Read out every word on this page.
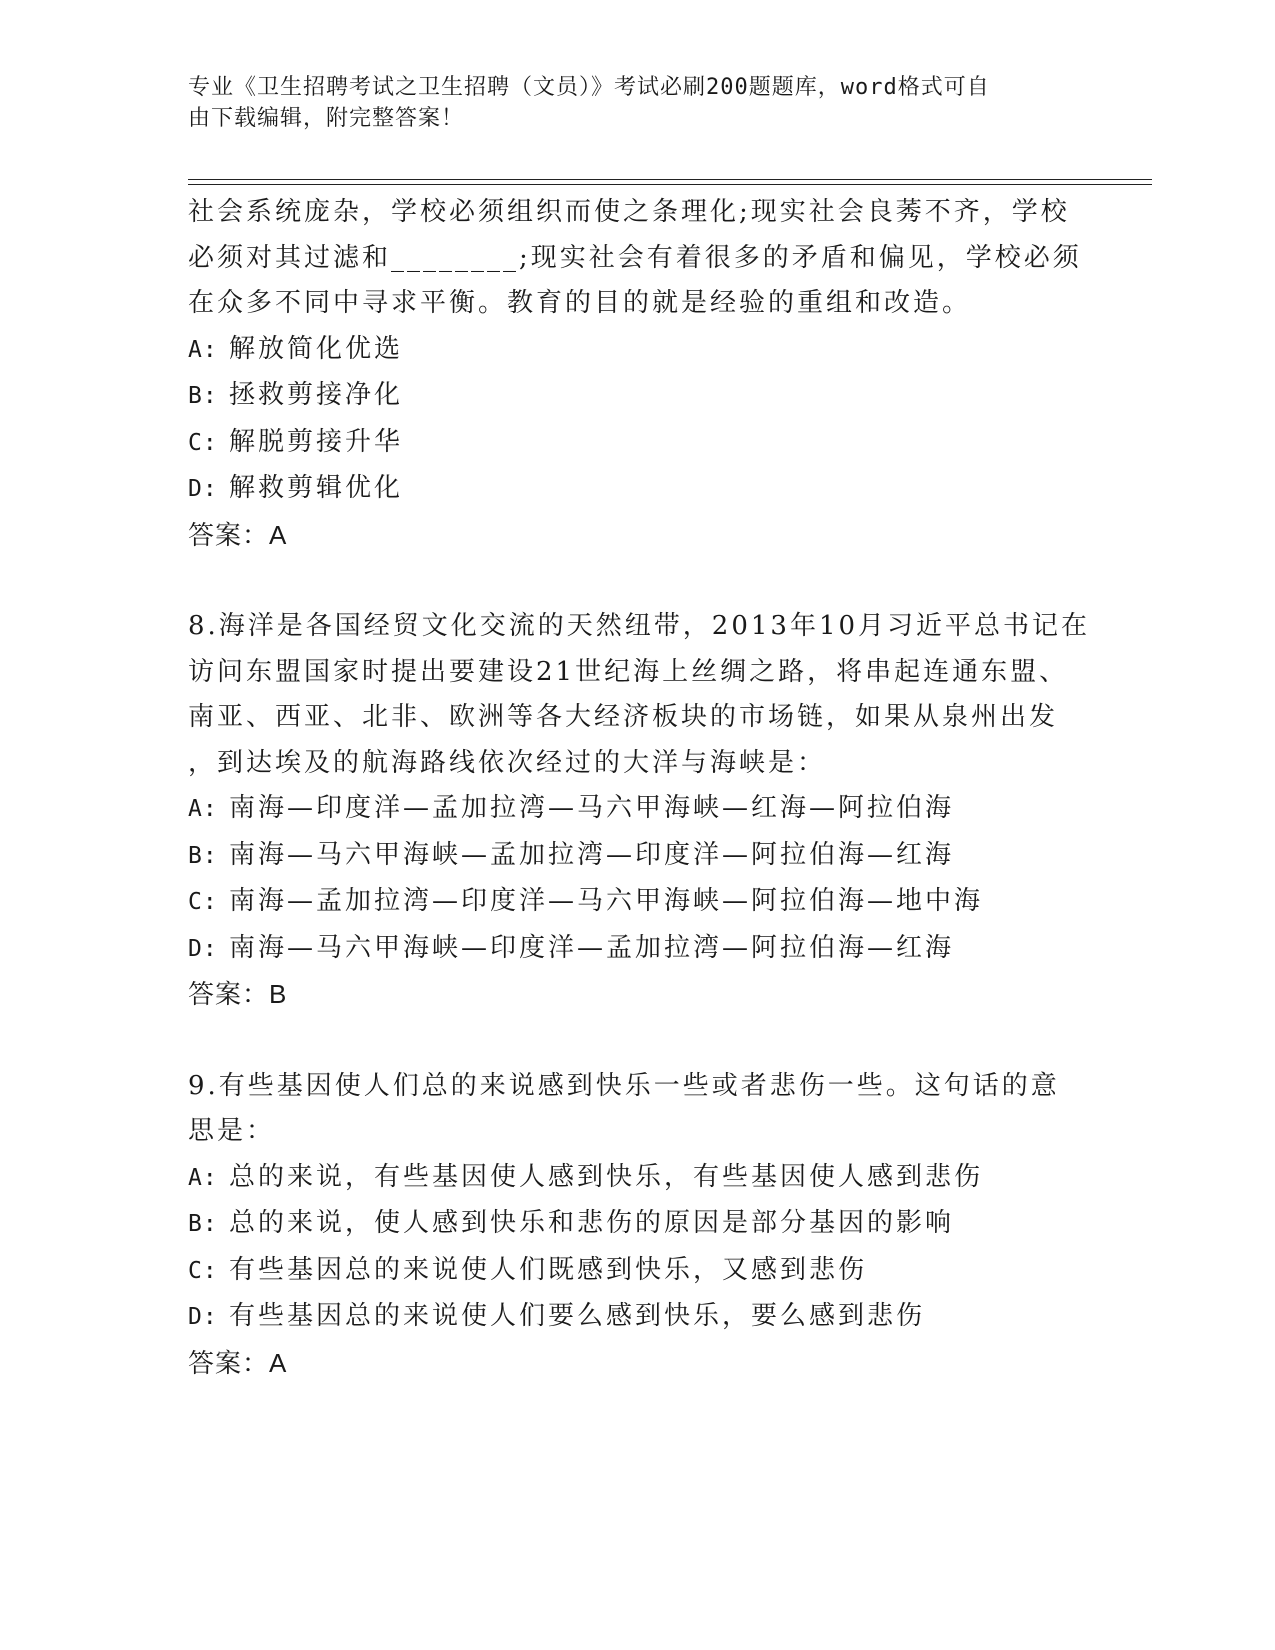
专业《卫生招聘考试之卫生招聘（文员）》考试必刷200题题库，word格式可自
由下载编辑，附完整答案！
社会系统庞杂，学校必须组织而使之条理化;现实社会良莠不齐，学校
必须对其过滤和________;现实社会有着很多的矛盾和偏见，学校必须
在众多不同中寻求平衡。教育的目的就是经验的重组和改造。
A: 解放简化优选
B: 拯救剪接净化
C: 解脱剪接升华
D: 解救剪辑优化
答案：A
8.海洋是各国经贸文化交流的天然纽带，2013年10月习近平总书记在
访问东盟国家时提出要建设21世纪海上丝绸之路，将串起连通东盟、
南亚、西亚、北非、欧洲等各大经济板块的市场链，如果从泉州出发
，到达埃及的航海路线依次经过的大洋与海峡是：
A: 南海—印度洋—孟加拉湾—马六甲海峡—红海—阿拉伯海
B: 南海—马六甲海峡—孟加拉湾—印度洋—阿拉伯海—红海
C: 南海—孟加拉湾—印度洋—马六甲海峡—阿拉伯海—地中海
D: 南海—马六甲海峡—印度洋—孟加拉湾—阿拉伯海—红海
答案：B
9.有些基因使人们总的来说感到快乐一些或者悲伤一些。这句话的意
思是：
A: 总的来说，有些基因使人感到快乐，有些基因使人感到悲伤
B: 总的来说，使人感到快乐和悲伤的原因是部分基因的影响
C: 有些基因总的来说使人们既感到快乐，又感到悲伤
D: 有些基因总的来说使人们要么感到快乐，要么感到悲伤
答案：A
